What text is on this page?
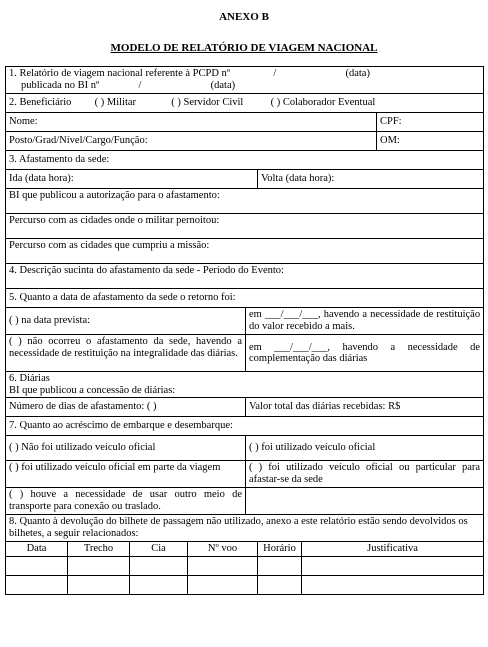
ANEXO B
MODELO DE RELATÓRIO DE VIAGEM NACIONAL
1. Relatório de viagem nacional referente à PCPD nº / (data)
publicada no BI nº / (data)							

2. Beneficiário ( ) Militar ( ) Servidor Civil ( ) Colaborador Eventual							
Nome:							CPF:
Posto/Grad/Nível/Cargo/Função:							OM:
3. Afastamento da sede:							
Ida (data hora):					Volta (data hora):		
BI que publicou a autorização para o afastamento:							
Percurso com as cidades onde o militar pernoitou:							
Percurso com as cidades que cumpriu a missão:							
4. Descrição sucinta do afastamento da sede - Período do Evento:							
5. Quanto a data de afastamento da sede o retorno foi:							
( ) na data prevista:				em ___/___/___, havendo a necessidade de restituição do valor recebido a mais.			
( ) não ocorreu o afastamento da sede, havendo a necessidade de restituição na integralidade das diárias.				em ___/___/___, havendo a necessidade de complementação das diárias			

6. Diárias
BI que publicou a concessão de diárias:							

Número de dias de afastamento: ( )				Valor total das diárias recebidas: R$			
7. Quanto ao acréscimo de embarque e desembarque:							
( ) Não foi utilizado veículo oficial				( ) foi utilizado veículo oficial			
( ) foi utilizado veículo oficial em parte da viagem				( ) foi utilizado veículo oficial ou particular para afastar-se da sede			
( ) houve a necessidade de usar outro meio de transporte para conexão ou traslado.							
8. Quanto à devolução do bilhete de passagem não utilizado, anexo a este relatório estão sendo devolvidos os bilhetes, a seguir relacionados:							
Data	Trecho	Cia	Nº voo		Horário	Justificativa	
